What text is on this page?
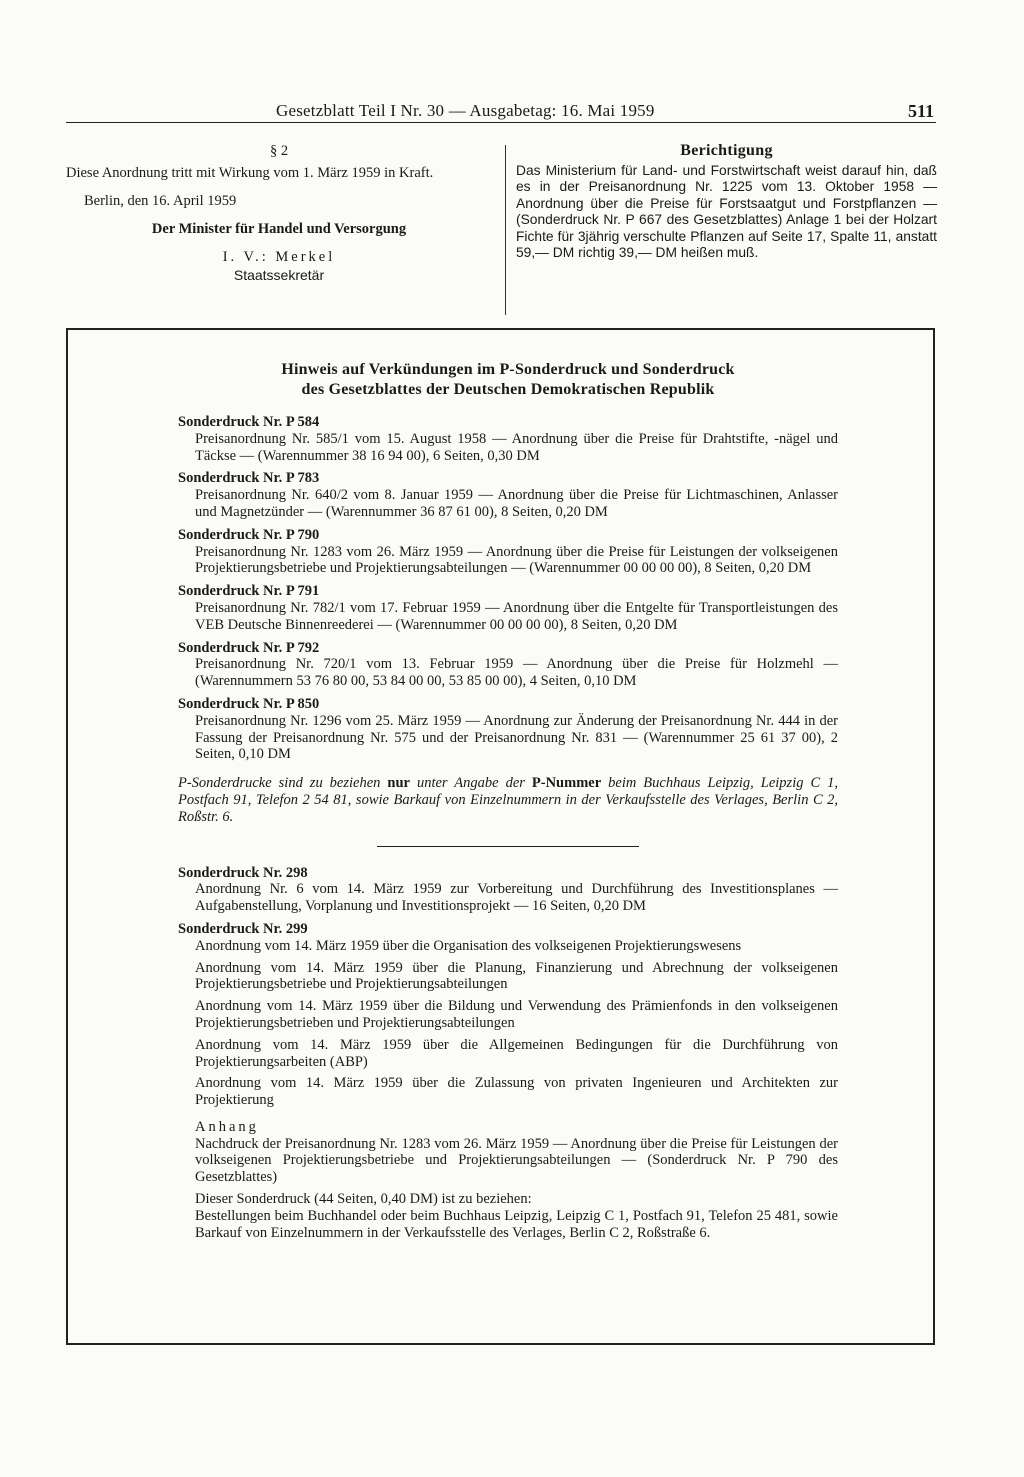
Gesetzblatt Teil I Nr. 30 — Ausgabetag: 16. Mai 1959	511
§ 2
Diese Anordnung tritt mit Wirkung vom 1. März 1959 in Kraft.
Berlin, den 16. April 1959
Der Minister für Handel und Versorgung
I. V.: Merkel
Staatssekretär
Berichtigung
Das Ministerium für Land- und Forstwirtschaft weist darauf hin, daß es in der Preisanordnung Nr. 1225 vom 13. Oktober 1958 — Anordnung über die Preise für Forstsaatgut und Forstpflanzen — (Sonderdruck Nr. P 667 des Gesetzblattes) Anlage 1 bei der Holzart Fichte für 3jährig verschulte Pflanzen auf Seite 17, Spalte 11, anstatt 59,— DM richtig 39,— DM heißen muß.
Hinweis auf Verkündungen im P-Sonderdruck und Sonderdruck
des Gesetzblattes der Deutschen Demokratischen Republik
Sonderdruck Nr. P 584
Preisanordnung Nr. 585/1 vom 15. August 1958 — Anordnung über die Preise für Drahtstifte, -nägel und Täckse — (Warennummer 38 16 94 00), 6 Seiten, 0,30 DM
Sonderdruck Nr. P 783
Preisanordnung Nr. 640/2 vom 8. Januar 1959 — Anordnung über die Preise für Lichtmaschinen, Anlasser und Magnetzünder — (Warennummer 36 87 61 00), 8 Seiten, 0,20 DM
Sonderdruck Nr. P 790
Preisanordnung Nr. 1283 vom 26. März 1959 — Anordnung über die Preise für Leistungen der volkseigenen Projektierungsbetriebe und Projektierungsabteilungen — (Warennummer 00 00 00 00), 8 Seiten, 0,20 DM
Sonderdruck Nr. P 791
Preisanordnung Nr. 782/1 vom 17. Februar 1959 — Anordnung über die Entgelte für Transportleistungen des VEB Deutsche Binnenreederei — (Warennummer 00 00 00 00), 8 Seiten, 0,20 DM
Sonderdruck Nr. P 792
Preisanordnung Nr. 720/1 vom 13. Februar 1959 — Anordnung über die Preise für Holzmehl — (Warennummern 53 76 80 00, 53 84 00 00, 53 85 00 00), 4 Seiten, 0,10 DM
Sonderdruck Nr. P 850
Preisanordnung Nr. 1296 vom 25. März 1959 — Anordnung zur Änderung der Preisanordnung Nr. 444 in der Fassung der Preisanordnung Nr. 575 und der Preisanordnung Nr. 831 — (Warennummer 25 61 37 00), 2 Seiten, 0,10 DM
P-Sonderdrucke sind zu beziehen nur unter Angabe der P-Nummer beim Buchhaus Leipzig, Leipzig C 1, Postfach 91, Telefon 2 54 81, sowie Barkauf von Einzelnummern in der Verkaufsstelle des Verlages, Berlin C 2, Roßstr. 6.
Sonderdruck Nr. 298
Anordnung Nr. 6 vom 14. März 1959 zur Vorbereitung und Durchführung des Investitionsplanes — Aufgabenstellung, Vorplanung und Investitionsprojekt — 16 Seiten, 0,20 DM
Sonderdruck Nr. 299
Anordnung vom 14. März 1959 über die Organisation des volkseigenen Projektierungswesens
Anordnung vom 14. März 1959 über die Planung, Finanzierung und Abrechnung der volkseigenen Projektierungsbetriebe und Projektierungsabteilungen
Anordnung vom 14. März 1959 über die Bildung und Verwendung des Prämienfonds in den volkseigenen Projektierungsbetrieben und Projektierungsabteilungen
Anordnung vom 14. März 1959 über die Allgemeinen Bedingungen für die Durchführung von Projektierungsarbeiten (ABP)
Anordnung vom 14. März 1959 über die Zulassung von privaten Ingenieuren und Architekten zur Projektierung
Anhang
Nachdruck der Preisanordnung Nr. 1283 vom 26. März 1959 — Anordnung über die Preise für Leistungen der volkseigenen Projektierungsbetriebe und Projektierungsabteilungen — (Sonderdruck Nr. P 790 des Gesetzblattes)
Dieser Sonderdruck (44 Seiten, 0,40 DM) ist zu beziehen:
Bestellungen beim Buchhandel oder beim Buchhaus Leipzig, Leipzig C 1, Postfach 91, Telefon 25 481, sowie Barkauf von Einzelnummern in der Verkaufsstelle des Verlages, Berlin C 2, Roßstraße 6.
